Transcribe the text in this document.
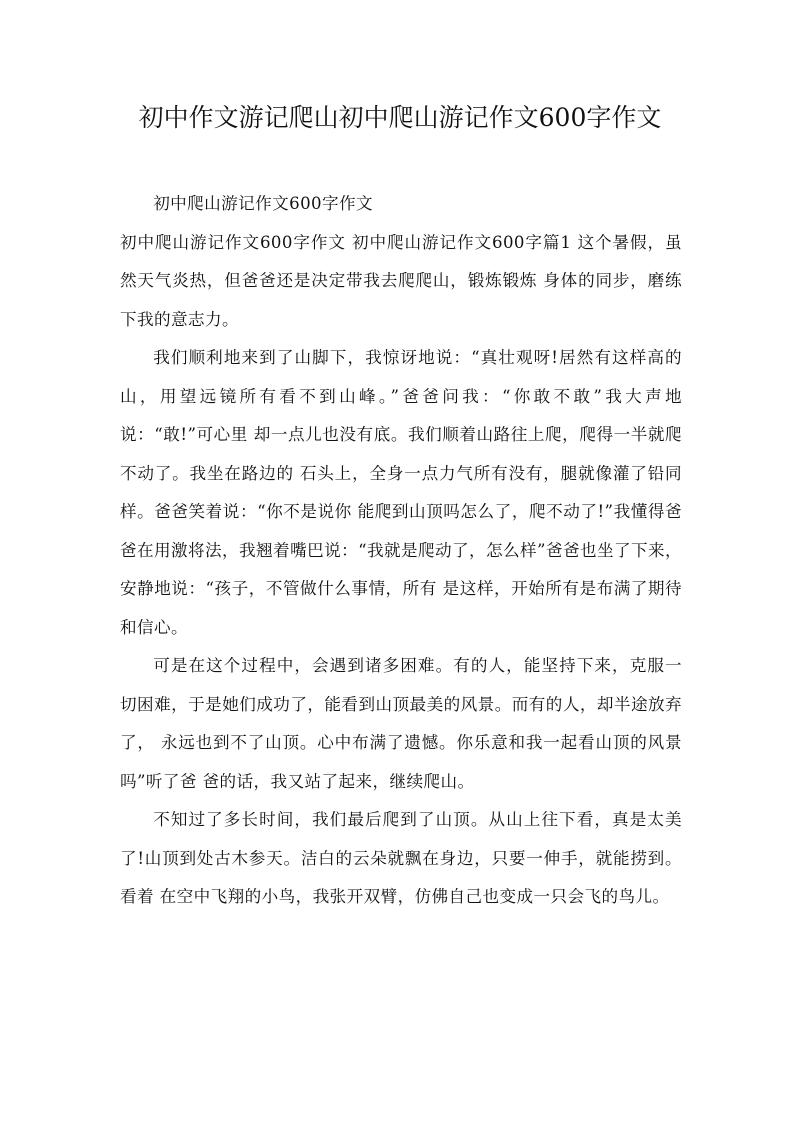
初中作文游记爬山初中爬山游记作文600字作文

初中爬山游记作文600字作文

初中爬山游记作文600字作文 初中爬山游记作文600字篇1 这个暑假，虽然天气炎热，但爸爸还是决定带我去爬爬山，锻炼锻炼 身体的同步，磨练下我的意志力。

我们顺利地来到了山脚下，我惊讶地说：“真壮观呀!居然有这样高的 山，用望远镜所有看不到山峰。”爸爸问我：“你敢不敢”我大声地说：“敢!”可心里 却一点儿也没有底。我们顺着山路往上爬，爬得一半就爬不动了。我坐在路边的 石头上，全身一点力气所有没有，腿就像灌了铅同样。爸爸笑着说：“你不是说你 能爬到山顶吗怎么了，爬不动了!”我懂得爸爸在用激将法，我翘着嘴巴说：“我就是爬动了，怎么样”爸爸也坐了下来，安静地说：“孩子，不管做什么事情，所有 是这样，开始所有是布满了期待和信心。

可是在这个过程中，会遇到诸多困难。有的人，能坚持下来，克服一 切困难，于是她们成功了，能看到山顶最美的风景。而有的人，却半途放弃了， 永远也到不了山顶。心中布满了遗憾。你乐意和我一起看山顶的风景吗”听了爸 爸的话，我又站了起来，继续爬山。

不知过了多长时间，我们最后爬到了山顶。从山上往下看，真是太美 了!山顶到处古木参天。洁白的云朵就飘在身边，只要一伸手，就能捞到。看着 在空中飞翔的小鸟，我张开双臂，仿佛自己也变成一只会飞的鸟儿。
